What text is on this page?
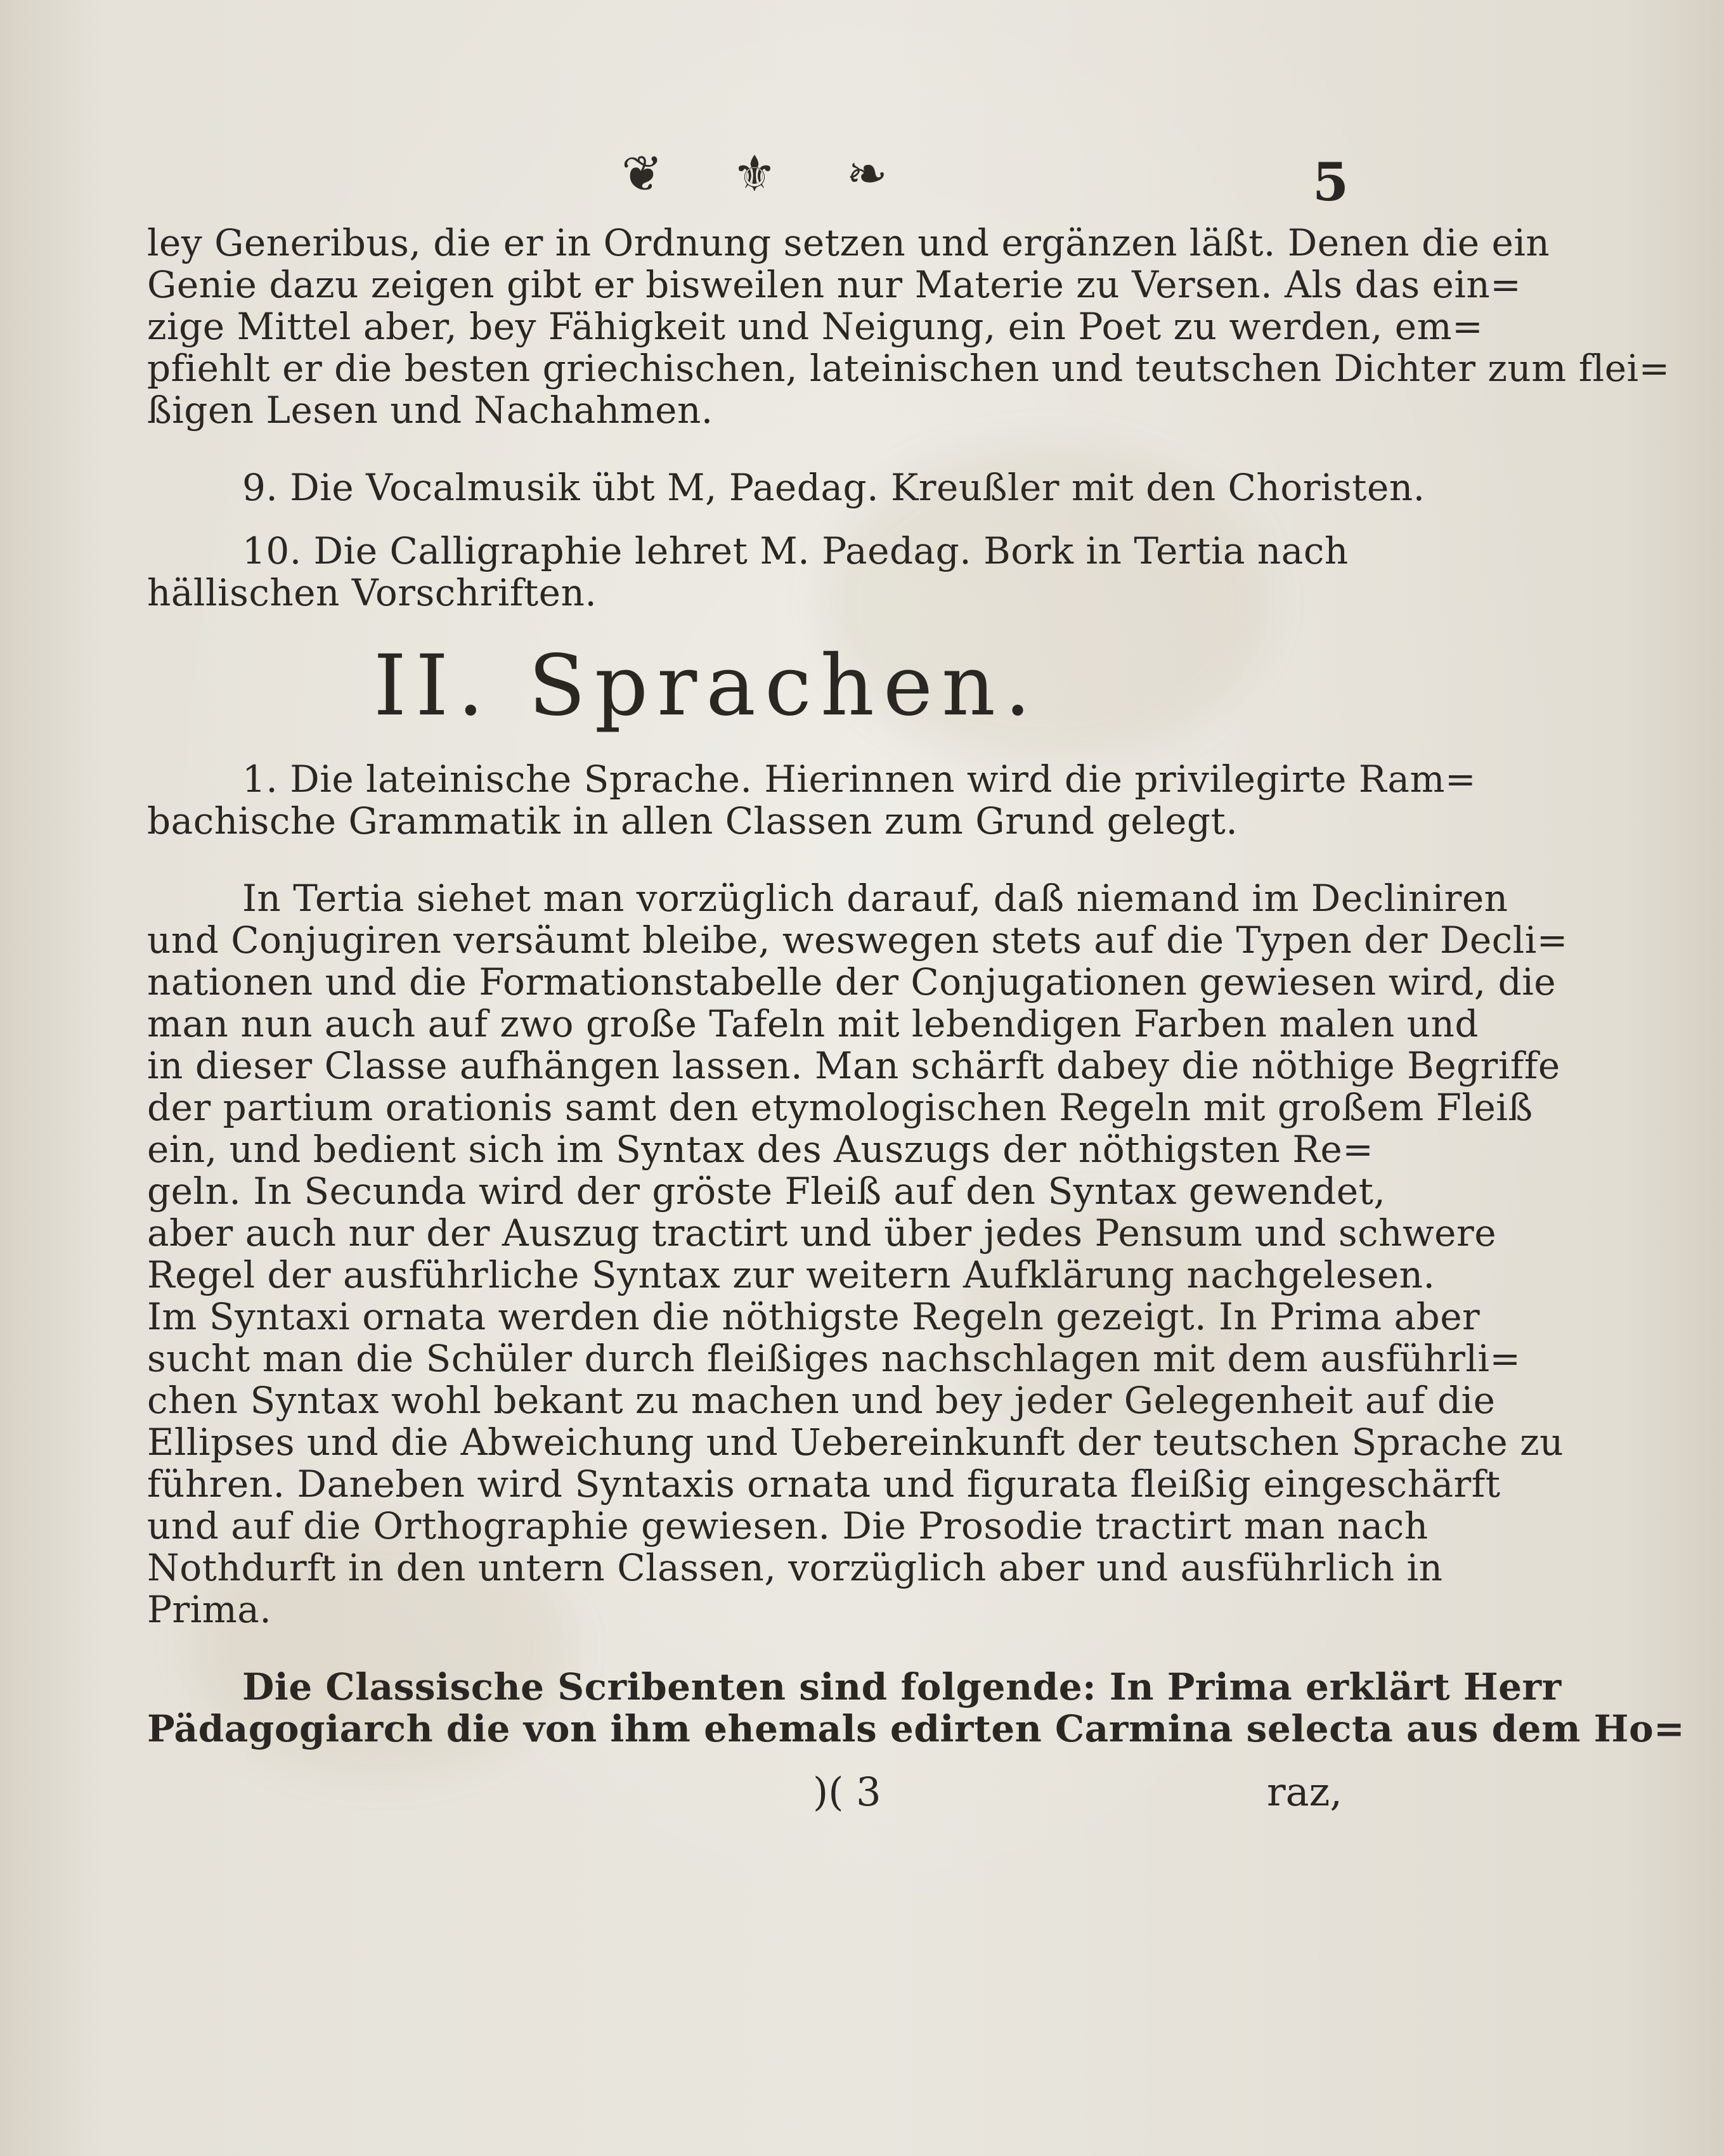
❦ ⚜ ❧	5
ley Generibus, die er in Ordnung setzen und ergänzen läßt. Denen die ein
Genie dazu zeigen gibt er bisweilen nur Materie zu Versen. Als das ein=
zige Mittel aber, bey Fähigkeit und Neigung, ein Poet zu werden, em=
pfiehlt er die besten griechischen, lateinischen und teutschen Dichter zum flei=
ßigen Lesen und Nachahmen.
9. Die Vocalmusik übt M, Paedag. Kreußler mit den Choristen.
10. Die Calligraphie lehret M. Paedag. Bork in Tertia nach
hällischen Vorschriften.
II. Sprachen.
1. Die lateinische Sprache. Hierinnen wird die privilegirte Ram=
bachische Grammatik in allen Classen zum Grund gelegt.
In Tertia siehet man vorzüglich darauf, daß niemand im Decliniren
und Conjugiren versäumt bleibe, weswegen stets auf die Typen der Decli=
nationen und die Formationstabelle der Conjugationen gewiesen wird, die
man nun auch auf zwo große Tafeln mit lebendigen Farben malen und
in dieser Classe aufhängen lassen. Man schärft dabey die nöthige Begriffe
der partium orationis samt den etymologischen Regeln mit großem Fleiß
ein, und bedient sich im Syntax des Auszugs der nöthigsten Re=
geln. In Secunda wird der gröste Fleiß auf den Syntax gewendet,
aber auch nur der Auszug tractirt und über jedes Pensum und schwere
Regel der ausführliche Syntax zur weitern Aufklärung nachgelesen.
Im Syntaxi ornata werden die nöthigste Regeln gezeigt. In Prima aber
sucht man die Schüler durch fleißiges nachschlagen mit dem ausführli=
chen Syntax wohl bekant zu machen und bey jeder Gelegenheit auf die
Ellipses und die Abweichung und Uebereinkunft der teutschen Sprache zu
führen. Daneben wird Syntaxis ornata und figurata fleißig eingeschärft
und auf die Orthographie gewiesen. Die Prosodie tractirt man nach
Nothdurft in den untern Classen, vorzüglich aber und ausführlich in
Prima.
Die Classische Scribenten sind folgende: In Prima erklärt Herr
Pädagogiarch die von ihm ehemals edirten Carmina selecta aus dem Ho=
)( 3	raz,
